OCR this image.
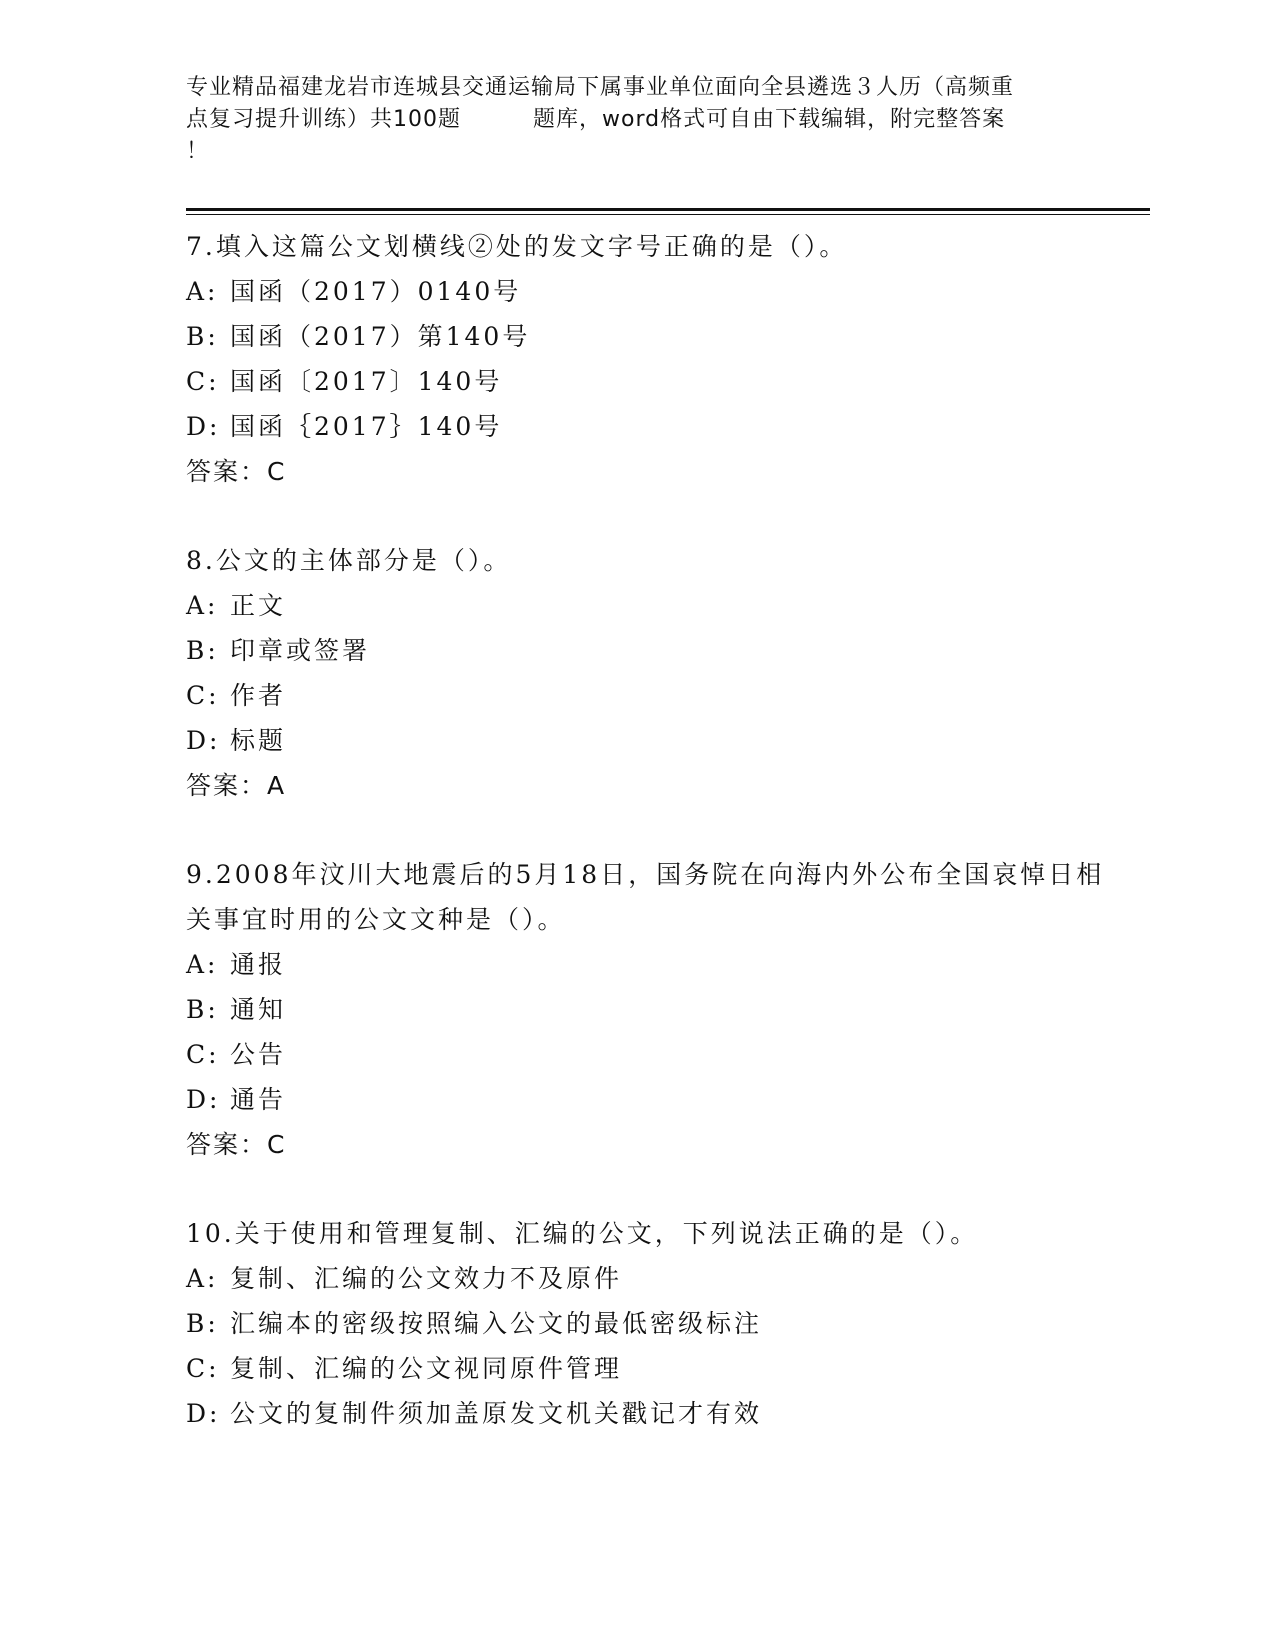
专业精品福建龙岩市连城县交通运输局下属事业单位面向全县遴选３人历（高频重
点复习提升训练）共100题	题库，word格式可自由下载编辑，附完整答案
！

7.填入这篇公文划横线②处的发文字号正确的是（）。

A: 国函（2017）0140号
B: 国函（2017）第140号
C: 国函〔2017〕140号
D: 国函｛2017｝140号
答案：C

8.公文的主体部分是（）。

A: 正文
B: 印章或签署
C: 作者
D: 标题
答案：A

9.2008年汶川大地震后的5月18日，国务院在向海内外公布全国哀悼日相关事宜时用的公文文种是（）。

A: 通报
B: 通知
C: 公告
D: 通告
答案：C

10.关于使用和管理复制、汇编的公文，下列说法正确的是（）。

A: 复制、汇编的公文效力不及原件
B: 汇编本的密级按照编入公文的最低密级标注
C: 复制、汇编的公文视同原件管理
D: 公文的复制件须加盖原发文机关戳记才有效
